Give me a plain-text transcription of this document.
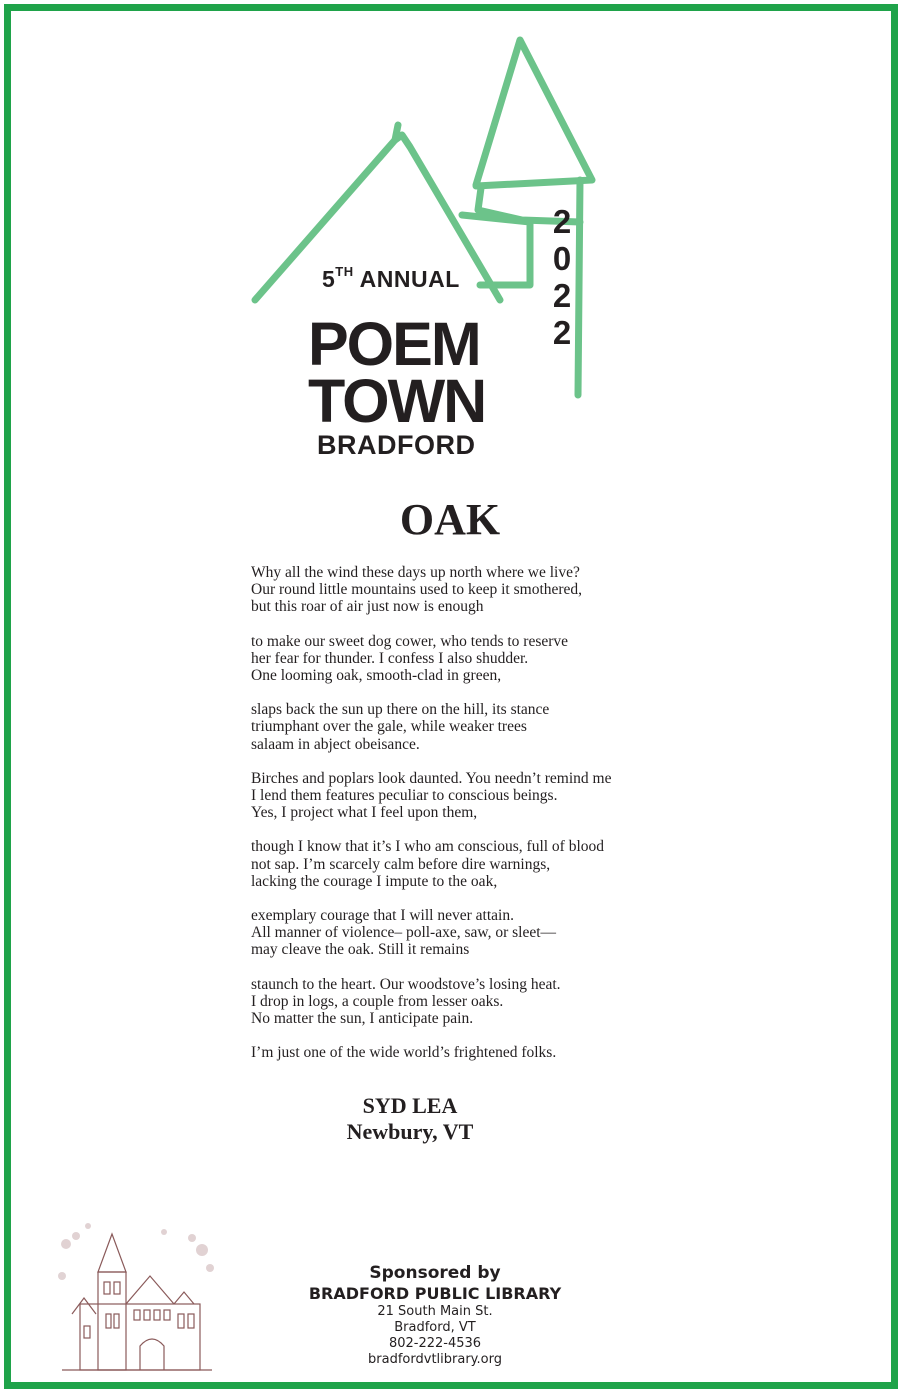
5TH ANNUAL
POEM
TOWN
BRADFORD
2
0
2
2
OAK
Why all the wind these days up north where we live?
Our round little mountains used to keep it smothered,
but this roar of air just now is enough
to make our sweet dog cower, who tends to reserve
her fear for thunder. I confess I also shudder.
One looming oak, smooth-clad in green,
slaps back the sun up there on the hill, its stance
triumphant over the gale, while weaker trees
salaam in abject obeisance.
Birches and poplars look daunted. You needn’t remind me
I lend them features peculiar to conscious beings.
Yes, I project what I feel upon them,
though I know that it’s I who am conscious, full of blood
not sap. I’m scarcely calm before dire warnings,
lacking the courage I impute to the oak,
exemplary courage that I will never attain.
All manner of violence– poll-axe, saw, or sleet—
may cleave the oak. Still it remains
staunch to the heart. Our woodstove’s losing heat.
I drop in logs, a couple from lesser oaks.
No matter the sun, I anticipate pain.
I’m just one of the wide world’s frightened folks.
SYD LEA
Newbury, VT
Sponsored by
BRADFORD PUBLIC LIBRARY
21 South Main St.
Bradford, VT
802-222-4536
bradfordvtlibrary.org
